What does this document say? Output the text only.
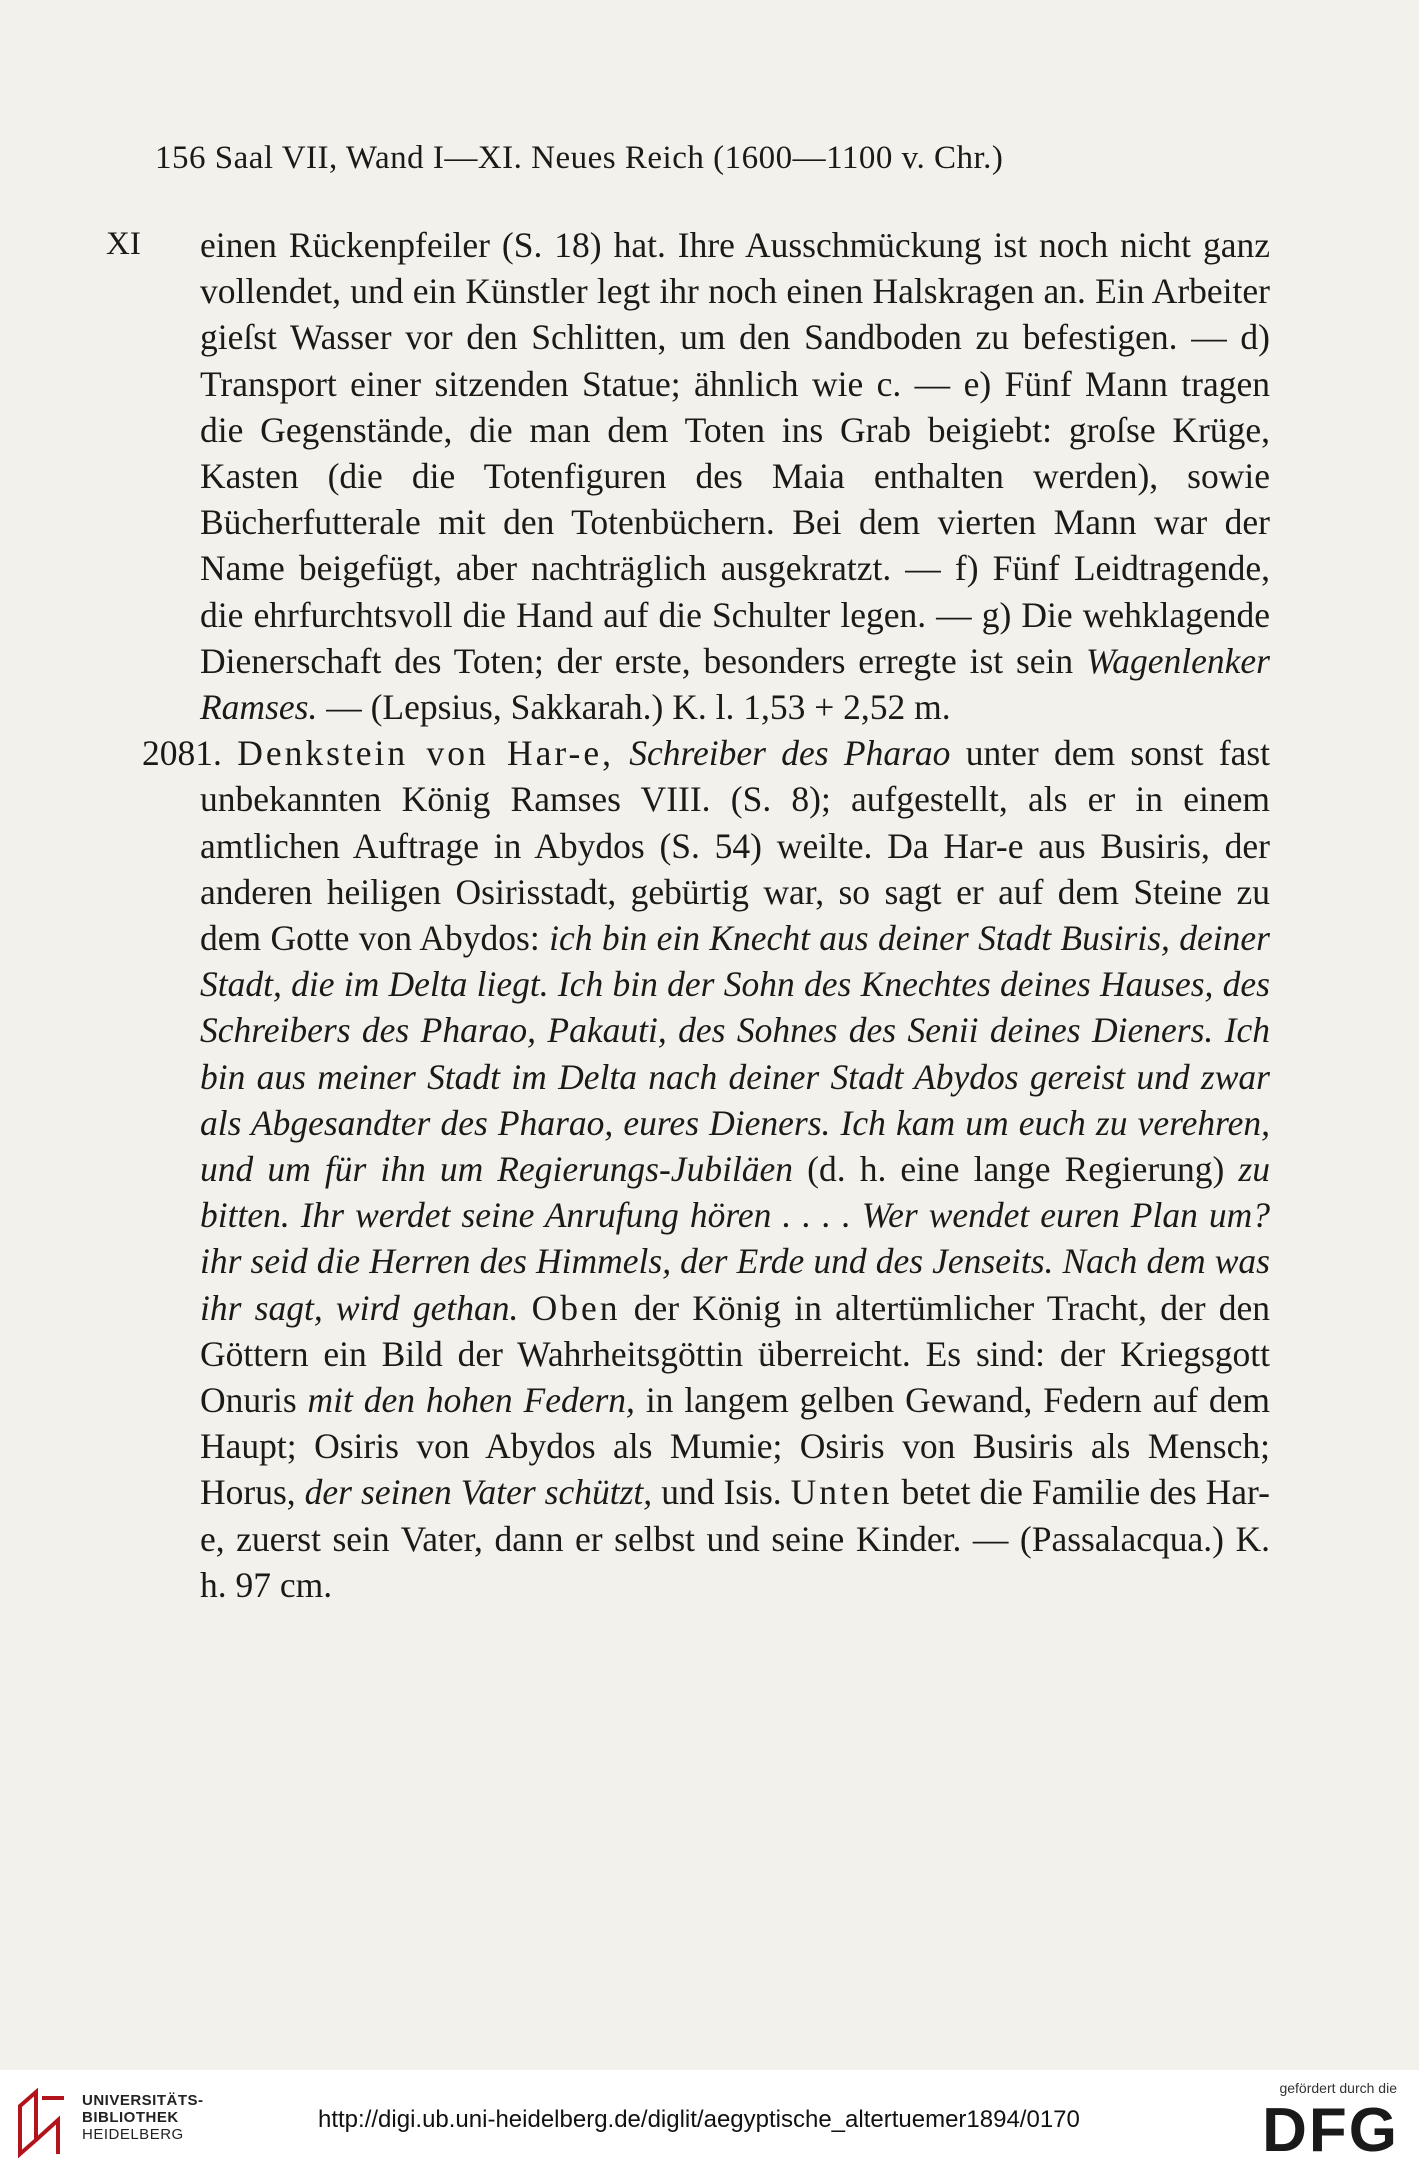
156 Saal VII, Wand I—XI. Neues Reich (1600—1100 v. Chr.)
XI einen Rückenpfeiler (S. 18) hat. Ihre Ausschmückung ist noch nicht ganz vollendet, und ein Künstler legt ihr noch einen Halskragen an. Ein Arbeiter gieſst Wasser vor den Schlitten, um den Sandboden zu befestigen. — d) Transport einer sitzenden Statue; ähnlich wie c. — e) Fünf Mann tragen die Gegenstände, die man dem Toten ins Grab beigiebt: groſse Krüge, Kasten (die die Totenfiguren des Maia enthalten werden), sowie Bücherfutterale mit den Totenbüchern. Bei dem vierten Mann war der Name beigefügt, aber nachträglich ausgekratzt. — f) Fünf Leidtragende, die ehrfurchtsvoll die Hand auf die Schulter legen. — g) Die wehklagende Dienerschaft des Toten; der erste, besonders erregte ist sein Wagenlenker Ramses. — (Lepsius, Sakkarah.) K. l. 1,53 + 2,52 m.

2081. Denkstein von Har-e, Schreiber des Pharao unter dem sonst fast unbekannten König Ramses VIII. (S. 8); aufgestellt, als er in einem amtlichen Auftrage in Abydos (S. 54) weilte. Da Har-e aus Busiris, der anderen heiligen Osirisstadt, gebürtig war, so sagt er auf dem Steine zu dem Gotte von Abydos: ich bin ein Knecht aus deiner Stadt Busiris, deiner Stadt, die im Delta liegt. Ich bin der Sohn des Knechtes deines Hauses, des Schreibers des Pharao, Pakauti, des Sohnes des Senii deines Dieners. Ich bin aus meiner Stadt im Delta nach deiner Stadt Abydos gereist und zwar als Abgesandter des Pharao, eures Dieners. Ich kam um euch zu verehren, und um für ihn um Regierungs-Jubiläen (d. h. eine lange Regierung) zu bitten. Ihr werdet seine Anrufung hören . . . . Wer wendet euren Plan um? ihr seid die Herren des Himmels, der Erde und des Jenseits. Nach dem was ihr sagt, wird gethan. Oben der König in altertümlicher Tracht, der den Göttern ein Bild der Wahrheitsgöttin überreicht. Es sind: der Kriegsgott Onuris mit den hohen Federn, in langem gelben Gewand, Federn auf dem Haupt; Osiris von Abydos als Mumie; Osiris von Busiris als Mensch; Horus, der seinen Vater schützt, und Isis. Unten betet die Familie des Har-e, zuerst sein Vater, dann er selbst und seine Kinder. — (Passalacqua.) K. h. 97 cm.

UNIVERSITÄTS-
BIBLIOTHEK
HEIDELBERG
http://digi.ub.uni-heidelberg.de/diglit/aegyptische_altertuemer1894/0170
gefördert durch die
DFG
